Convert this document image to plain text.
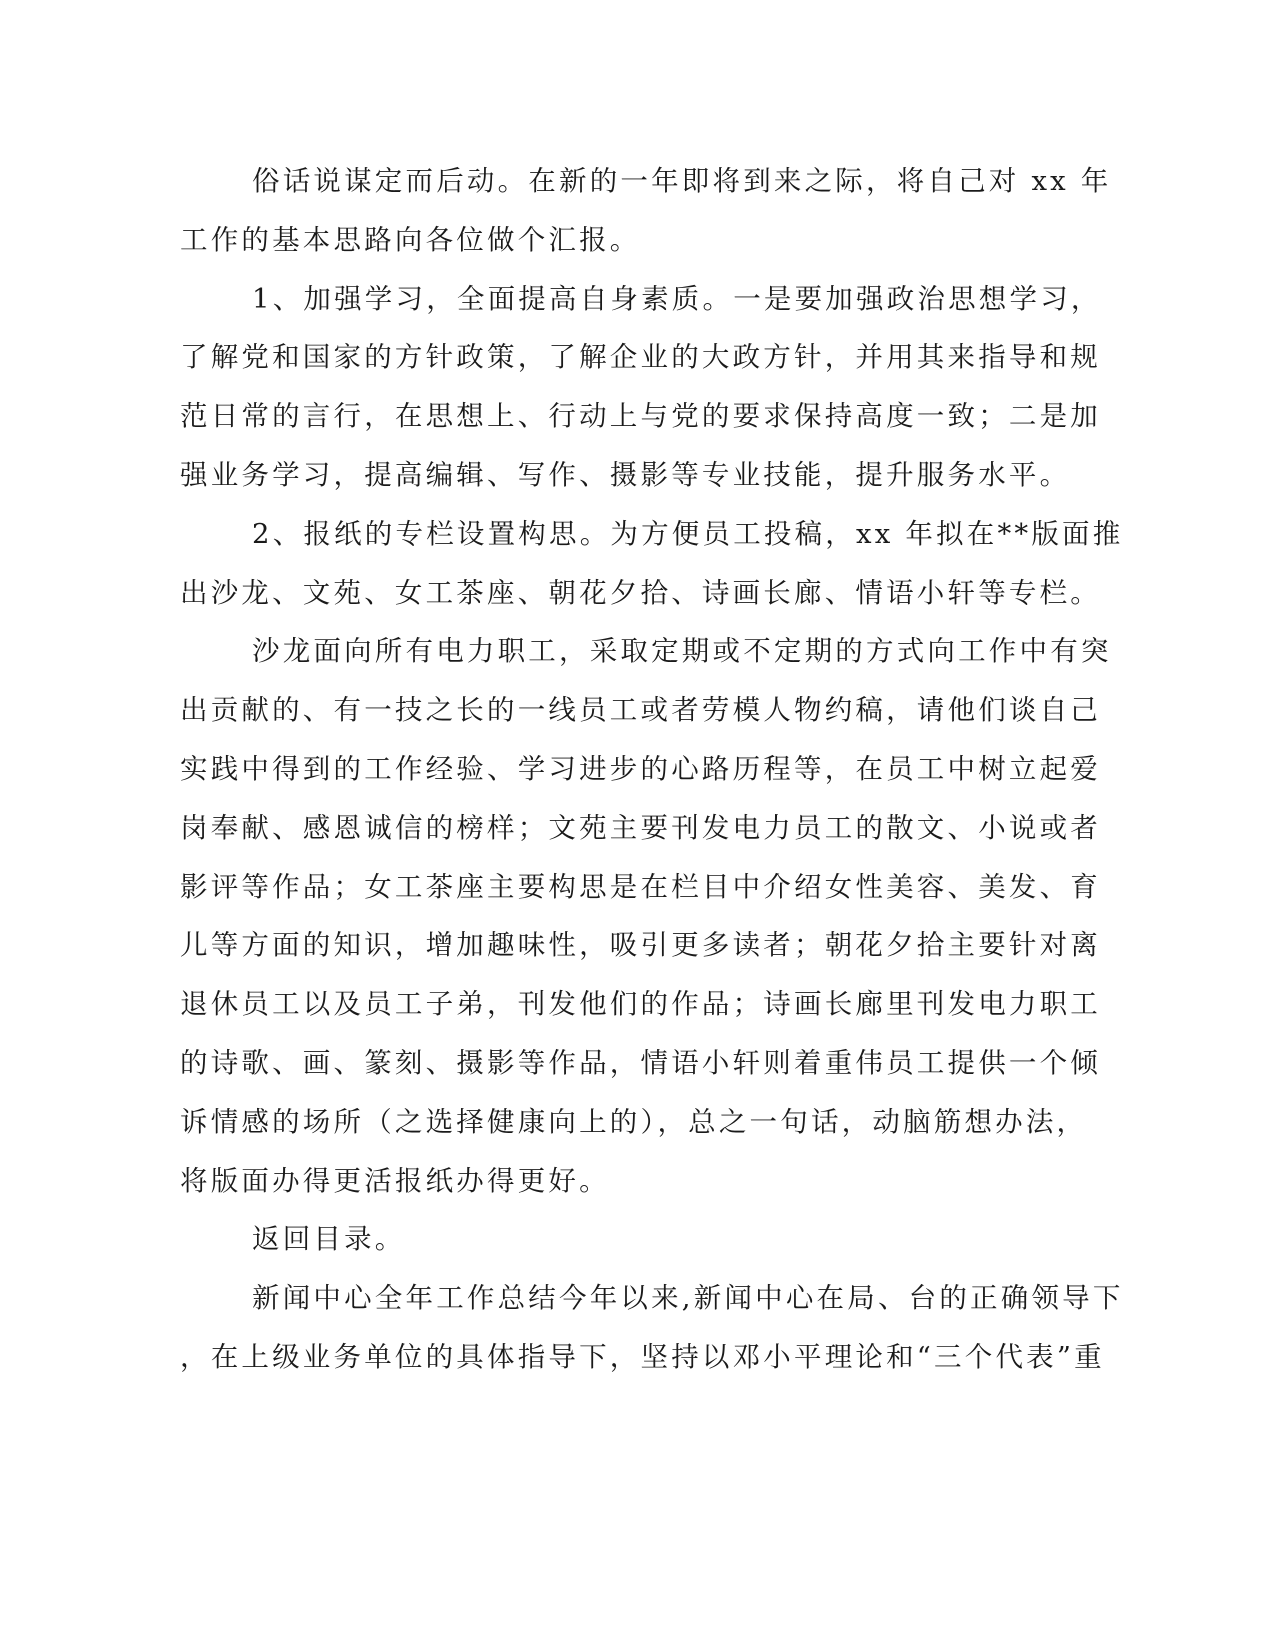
俗话说谋定而后动。在新的一年即将到来之际，将自己对 xx 年
工作的基本思路向各位做个汇报。
1、加强学习，全面提高自身素质。一是要加强政治思想学习，
了解党和国家的方针政策，了解企业的大政方针，并用其来指导和规
范日常的言行，在思想上、行动上与党的要求保持高度一致；二是加
强业务学习，提高编辑、写作、摄影等专业技能，提升服务水平。
2、报纸的专栏设置构思。为方便员工投稿，xx 年拟在**版面推
出沙龙、文苑、女工茶座、朝花夕拾、诗画长廊、情语小轩等专栏。
沙龙面向所有电力职工，采取定期或不定期的方式向工作中有突
出贡献的、有一技之长的一线员工或者劳模人物约稿，请他们谈自己
实践中得到的工作经验、学习进步的心路历程等，在员工中树立起爱
岗奉献、感恩诚信的榜样；文苑主要刊发电力员工的散文、小说或者
影评等作品；女工茶座主要构思是在栏目中介绍女性美容、美发、育
儿等方面的知识，增加趣味性，吸引更多读者；朝花夕拾主要针对离
退休员工以及员工子弟，刊发他们的作品；诗画长廊里刊发电力职工
的诗歌、画、篆刻、摄影等作品，情语小轩则着重伟员工提供一个倾
诉情感的场所（之选择健康向上的），总之一句话，动脑筋想办法，
将版面办得更活报纸办得更好。
返回目录。
新闻中心全年工作总结今年以来,新闻中心在局、台的正确领导下
，在上级业务单位的具体指导下，坚持以邓小平理论和“三个代表”重
